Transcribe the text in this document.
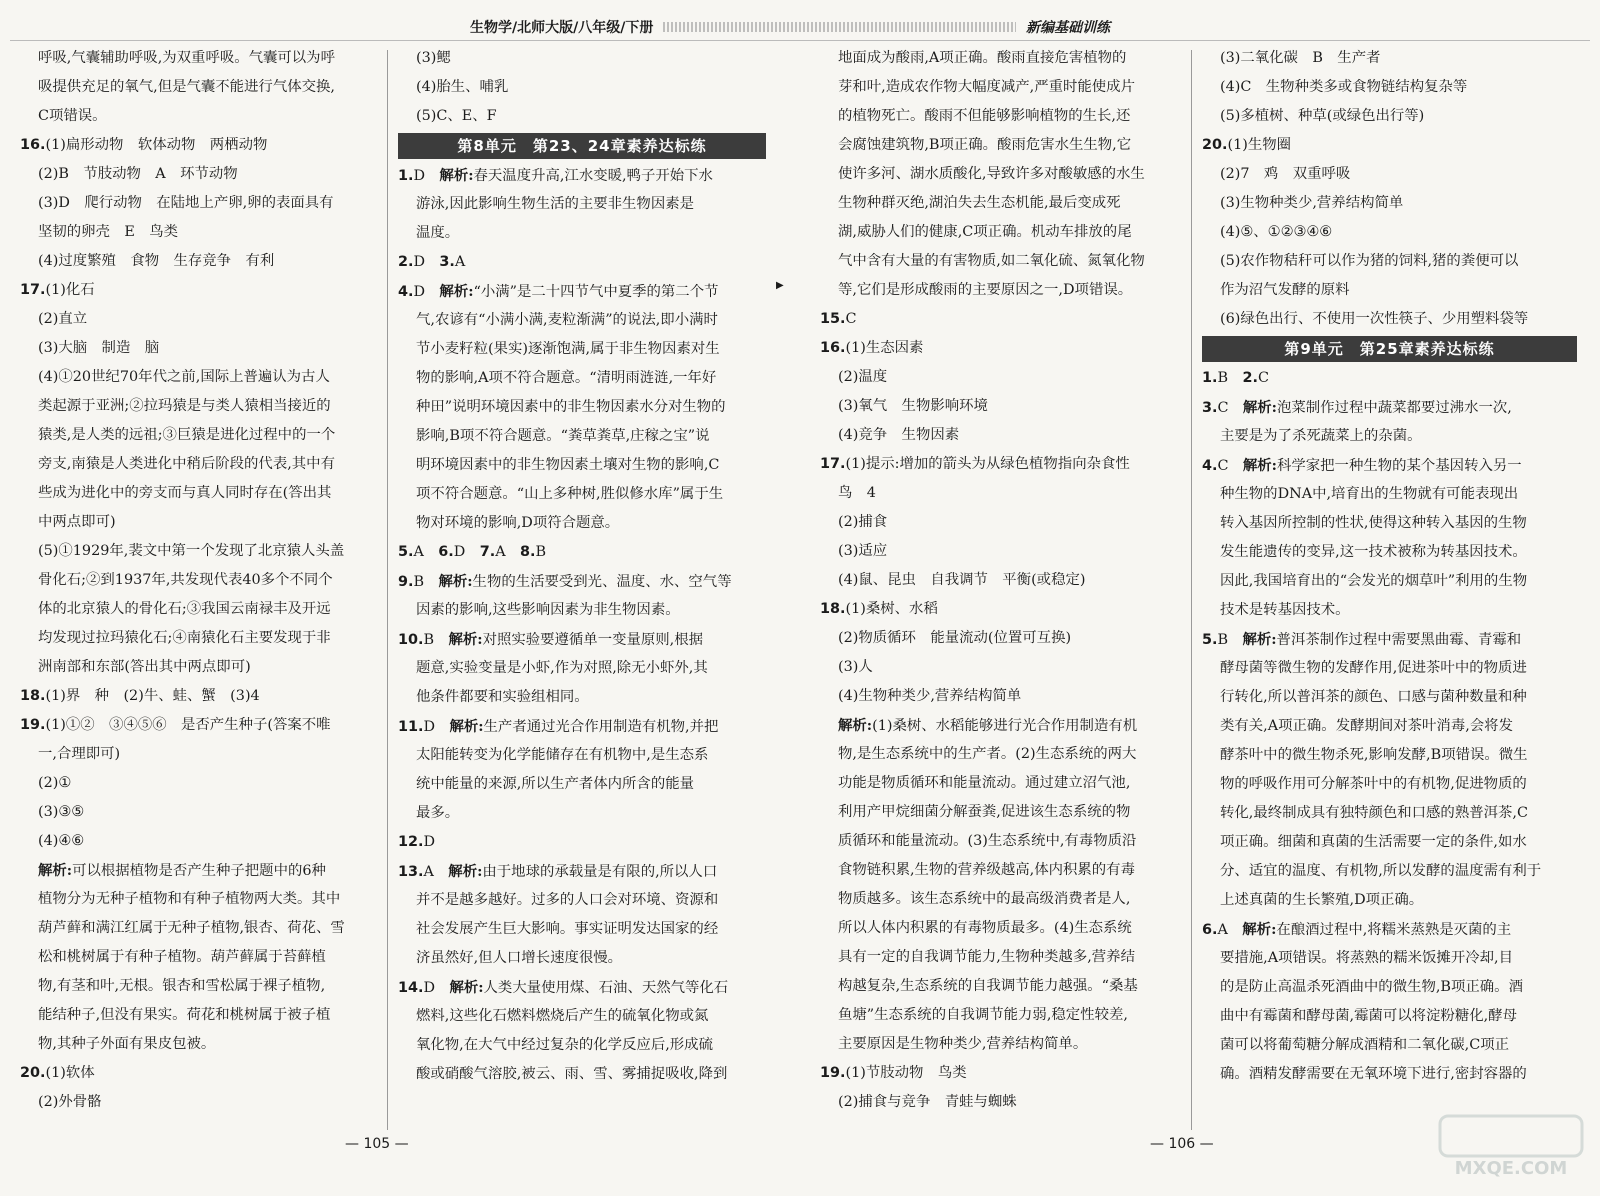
生物学/北师大版/八年级/下册	新编基础训练
呼吸,气囊辅助呼吸,为双重呼吸。气囊可以为呼
吸提供充足的氧气,但是气囊不能进行气体交换,
C项错误。
16.(1)扁形动物　软体动物　两栖动物
(2)B　节肢动物　A　环节动物
(3)D　爬行动物　在陆地上产卵,卵的表面具有
坚韧的卵壳　E　鸟类
(4)过度繁殖　食物　生存竞争　有利
17.(1)化石
(2)直立
(3)大脑　制造　脑
(4)①20世纪70年代之前,国际上普遍认为古人
类起源于亚洲;②拉玛猿是与类人猿相当接近的
猿类,是人类的远祖;③巨猿是进化过程中的一个
旁支,南猿是人类进化中稍后阶段的代表,其中有
些成为进化中的旁支而与真人同时存在(答出其
中两点即可)
(5)①1929年,裴文中第一个发现了北京猿人头盖
骨化石;②到1937年,共发现代表40多个不同个
体的北京猿人的骨化石;③我国云南禄丰及开远
均发现过拉玛猿化石;④南猿化石主要发现于非
洲南部和东部(答出其中两点即可)
18.(1)界　种　(2)牛、蛙、蟹　(3)4
19.(1)①②　③④⑤⑥　是否产生种子(答案不唯
一,合理即可)
(2)①
(3)③⑤
(4)④⑥
解析:可以根据植物是否产生种子把题中的6种
植物分为无种子植物和有种子植物两大类。其中
葫芦藓和满江红属于无种子植物,银杏、荷花、雪
松和桃树属于有种子植物。葫芦藓属于苔藓植
物,有茎和叶,无根。银杏和雪松属于裸子植物,
能结种子,但没有果实。荷花和桃树属于被子植
物,其种子外面有果皮包被。
20.(1)软体
(2)外骨骼
(3)鳃
(4)胎生、哺乳
(5)C、E、F
第8单元　第23、24章素养达标练
1.D　解析:春天温度升高,江水变暖,鸭子开始下水
游泳,因此影响生物生活的主要非生物因素是
温度。
2.D　3.A
4.D　解析:“小满”是二十四节气中夏季的第二个节
气,农谚有“小满小满,麦粒渐满”的说法,即小满时
节小麦籽粒(果实)逐渐饱满,属于非生物因素对生
物的影响,A项不符合题意。“清明雨涟涟,一年好
种田”说明环境因素中的非生物因素水分对生物的
影响,B项不符合题意。“粪草粪草,庄稼之宝”说
明环境因素中的非生物因素土壤对生物的影响,C
项不符合题意。“山上多种树,胜似修水库”属于生
物对环境的影响,D项符合题意。
5.A　6.D　7.A　8.B
9.B　解析:生物的生活要受到光、温度、水、空气等
因素的影响,这些影响因素为非生物因素。
10.B　解析:对照实验要遵循单一变量原则,根据
题意,实验变量是小虾,作为对照,除无小虾外,其
他条件都要和实验组相同。
11.D　解析:生产者通过光合作用制造有机物,并把
太阳能转变为化学能储存在有机物中,是生态系
统中能量的来源,所以生产者体内所含的能量
最多。
12.D
13.A　解析:由于地球的承载量是有限的,所以人口
并不是越多越好。过多的人口会对环境、资源和
社会发展产生巨大影响。事实证明发达国家的经
济虽然好,但人口增长速度很慢。
14.D　解析:人类大量使用煤、石油、天然气等化石
燃料,这些化石燃料燃烧后产生的硫氧化物或氮
氧化物,在大气中经过复杂的化学反应后,形成硫
酸或硝酸气溶胶,被云、雨、雪、雾捕捉吸收,降到
▶
地面成为酸雨,A项正确。酸雨直接危害植物的
芽和叶,造成农作物大幅度减产,严重时能使成片
的植物死亡。酸雨不但能够影响植物的生长,还
会腐蚀建筑物,B项正确。酸雨危害水生生物,它
使许多河、湖水质酸化,导致许多对酸敏感的水生
生物种群灭绝,湖泊失去生态机能,最后变成死
湖,威胁人们的健康,C项正确。机动车排放的尾
气中含有大量的有害物质,如二氧化硫、氮氧化物
等,它们是形成酸雨的主要原因之一,D项错误。
15.C
16.(1)生态因素
(2)温度
(3)氧气　生物影响环境
(4)竞争　生物因素
17.(1)提示:增加的箭头为从绿色植物指向杂食性
鸟　4
(2)捕食
(3)适应
(4)鼠、昆虫　自我调节　平衡(或稳定)
18.(1)桑树、水稻
(2)物质循环　能量流动(位置可互换)
(3)人
(4)生物种类少,营养结构简单
解析:(1)桑树、水稻能够进行光合作用制造有机
物,是生态系统中的生产者。(2)生态系统的两大
功能是物质循环和能量流动。通过建立沼气池,
利用产甲烷细菌分解蚕粪,促进该生态系统的物
质循环和能量流动。(3)生态系统中,有毒物质沿
食物链积累,生物的营养级越高,体内积累的有毒
物质越多。该生态系统中的最高级消费者是人,
所以人体内积累的有毒物质最多。(4)生态系统
具有一定的自我调节能力,生物种类越多,营养结
构越复杂,生态系统的自我调节能力越强。“桑基
鱼塘”生态系统的自我调节能力弱,稳定性较差,
主要原因是生物种类少,营养结构简单。
19.(1)节肢动物　鸟类
(2)捕食与竞争　青蛙与蜘蛛
(3)二氧化碳　B　生产者
(4)C　生物种类多或食物链结构复杂等
(5)多植树、种草(或绿色出行等)
20.(1)生物圈
(2)7　鸡　双重呼吸
(3)生物种类少,营养结构简单
(4)⑤、①②③④⑥
(5)农作物秸秆可以作为猪的饲料,猪的粪便可以
作为沼气发酵的原料
(6)绿色出行、不使用一次性筷子、少用塑料袋等
第9单元　第25章素养达标练
1.B　2.C
3.C　解析:泡菜制作过程中蔬菜都要过沸水一次,
主要是为了杀死蔬菜上的杂菌。
4.C　解析:科学家把一种生物的某个基因转入另一
种生物的DNA中,培育出的生物就有可能表现出
转入基因所控制的性状,使得这种转入基因的生物
发生能遗传的变异,这一技术被称为转基因技术。
因此,我国培育出的“会发光的烟草叶”利用的生物
技术是转基因技术。
5.B　解析:普洱茶制作过程中需要黑曲霉、青霉和
酵母菌等微生物的发酵作用,促进茶叶中的物质进
行转化,所以普洱茶的颜色、口感与菌种数量和种
类有关,A项正确。发酵期间对茶叶消毒,会将发
酵茶叶中的微生物杀死,影响发酵,B项错误。微生
物的呼吸作用可分解茶叶中的有机物,促进物质的
转化,最终制成具有独特颜色和口感的熟普洱茶,C
项正确。细菌和真菌的生活需要一定的条件,如水
分、适宜的温度、有机物,所以发酵的温度需有利于
上述真菌的生长繁殖,D项正确。
6.A　解析:在酿酒过程中,将糯米蒸熟是灭菌的主
要措施,A项错误。将蒸熟的糯米饭摊开冷却,目
的是防止高温杀死酒曲中的微生物,B项正确。酒
曲中有霉菌和酵母菌,霉菌可以将淀粉糖化,酵母
菌可以将葡萄糖分解成酒精和二氧化碳,C项正
确。酒精发酵需要在无氧环境下进行,密封容器的
— 105 —	— 106 —
MXQE.COM
